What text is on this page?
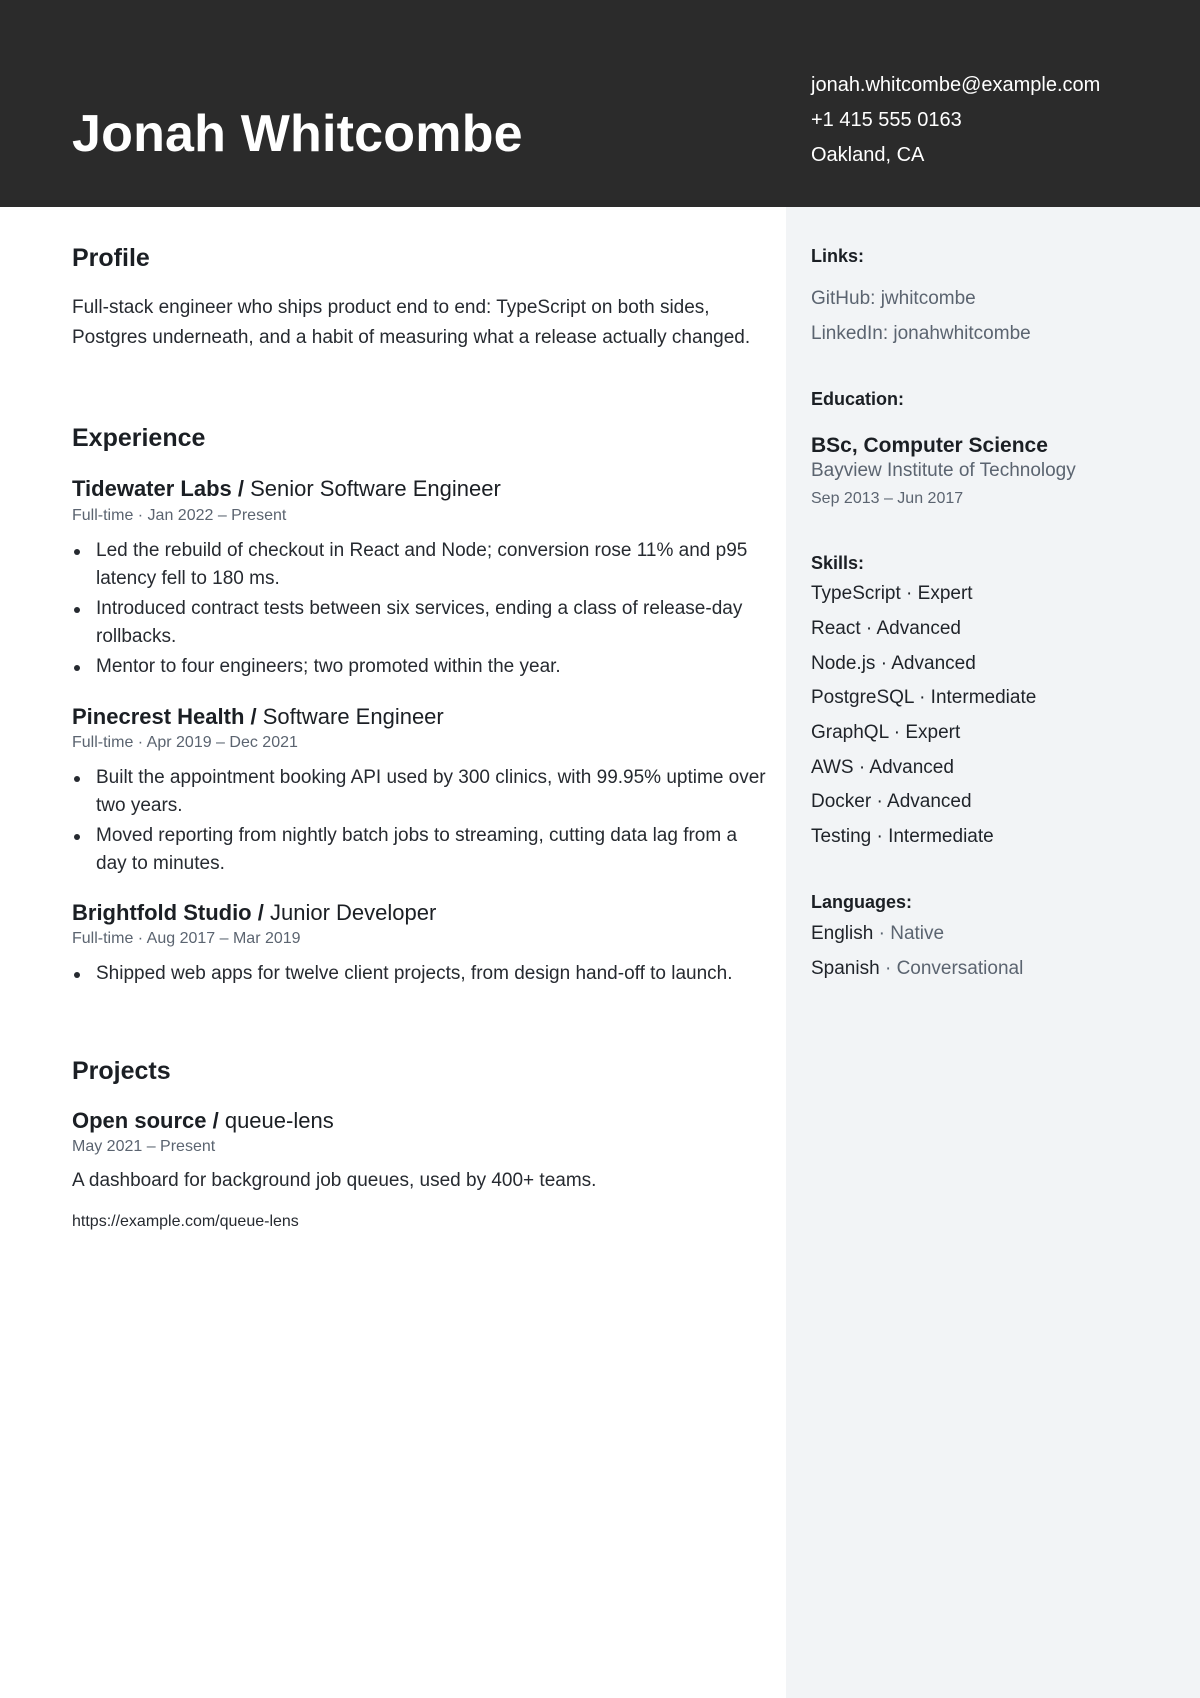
Jonah Whitcombe
jonah.whitcombe@example.com
+1 415 555 0163
Oakland, CA
Profile
Full-stack engineer who ships product end to end: TypeScript on both sides, Postgres underneath, and a habit of measuring what a release actually changed.
Experience
Tidewater Labs / Senior Software Engineer
Full-time · Jan 2022 – Present
Led the rebuild of checkout in React and Node; conversion rose 11% and p95 latency fell to 180 ms.
Introduced contract tests between six services, ending a class of release-day rollbacks.
Mentor to four engineers; two promoted within the year.
Pinecrest Health / Software Engineer
Full-time · Apr 2019 – Dec 2021
Built the appointment booking API used by 300 clinics, with 99.95% uptime over two years.
Moved reporting from nightly batch jobs to streaming, cutting data lag from a day to minutes.
Brightfold Studio / Junior Developer
Full-time · Aug 2017 – Mar 2019
Shipped web apps for twelve client projects, from design hand-off to launch.
Projects
Open source / queue-lens
May 2021 – Present
A dashboard for background job queues, used by 400+ teams.
https://example.com/queue-lens
Links:
GitHub: jwhitcombe
LinkedIn: jonahwhitcombe
Education:
BSc, Computer Science
Bayview Institute of Technology
Sep 2013 – Jun 2017
Skills:
TypeScript · Expert
React · Advanced
Node.js · Advanced
PostgreSQL · Intermediate
GraphQL · Expert
AWS · Advanced
Docker · Advanced
Testing · Intermediate
Languages:
English · Native
Spanish · Conversational
